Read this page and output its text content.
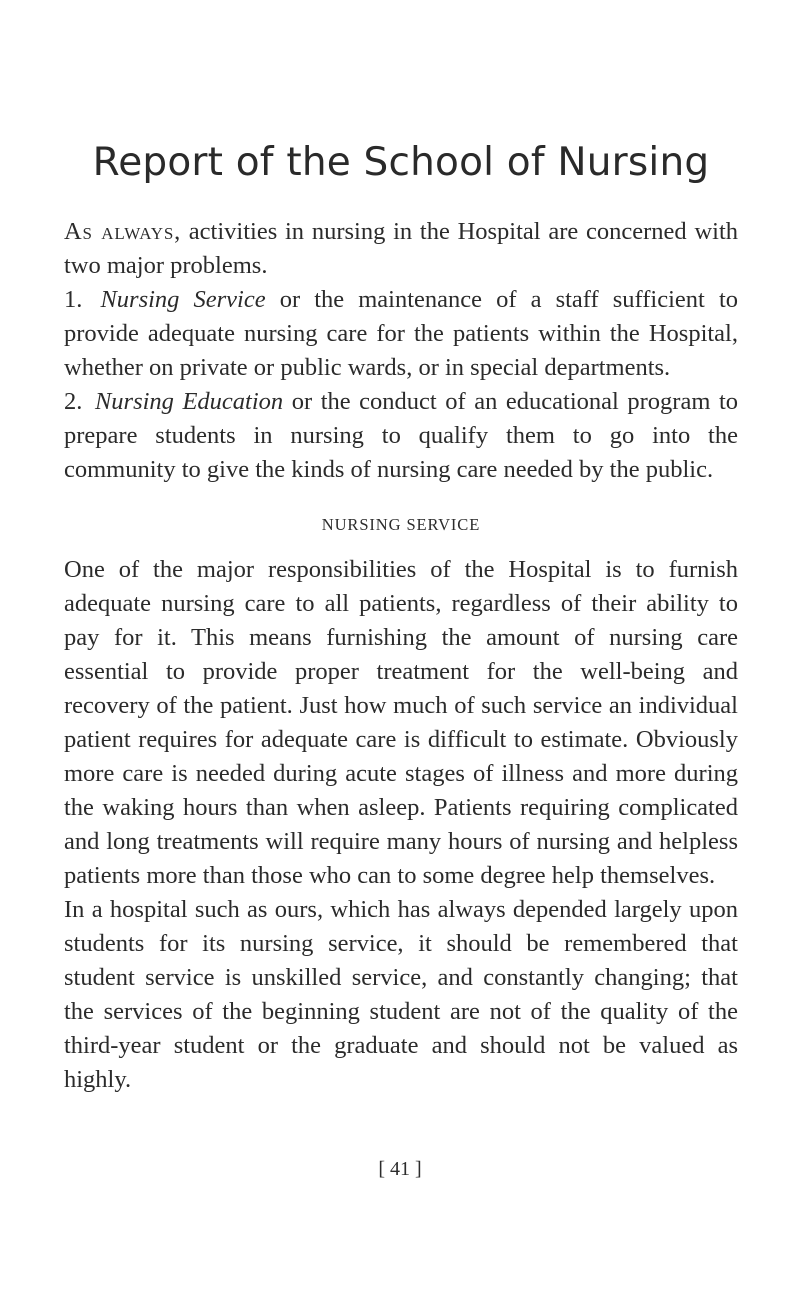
Report of the School of Nursing

As always, activities in nursing in the Hospital are concerned with two major problems.

1. Nursing Service or the maintenance of a staff sufficient to provide adequate nursing care for the patients within the Hospital, whether on private or public wards, or in special departments.

2. Nursing Education or the conduct of an educational program to prepare students in nursing to qualify them to go into the community to give the kinds of nursing care needed by the public.

NURSING SERVICE

One of the major responsibilities of the Hospital is to furnish adequate nursing care to all patients, regardless of their ability to pay for it. This means furnishing the amount of nursing care essential to provide proper treatment for the well-being and recovery of the patient. Just how much of such service an individual patient requires for adequate care is difficult to estimate. Obviously more care is needed during acute stages of illness and more during the waking hours than when asleep. Patients requiring complicated and long treatments will require many hours of nursing and helpless patients more than those who can to some degree help themselves.

In a hospital such as ours, which has always depended largely upon students for its nursing service, it should be remembered that student service is unskilled service, and constantly changing; that the services of the beginning student are not of the quality of the third-year student or the graduate and should not be valued as highly.

[ 41 ]
